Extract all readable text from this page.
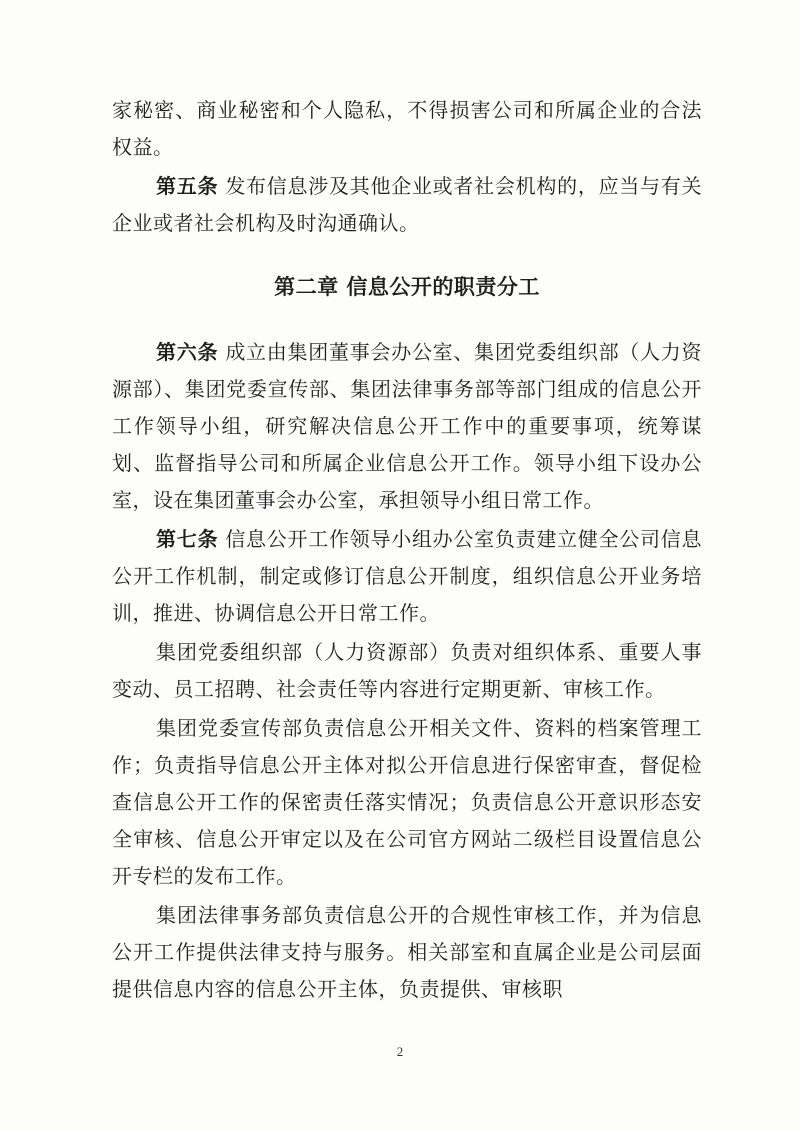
家秘密、商业秘密和个人隐私，不得损害公司和所属企业的合法权益。

第五条 发布信息涉及其他企业或者社会机构的，应当与有关企业或者社会机构及时沟通确认。

第二章 信息公开的职责分工

第六条 成立由集团董事会办公室、集团党委组织部（人力资源部）、集团党委宣传部、集团法律事务部等部门组成的信息公开工作领导小组，研究解决信息公开工作中的重要事项，统筹谋划、监督指导公司和所属企业信息公开工作。领导小组下设办公室，设在集团董事会办公室，承担领导小组日常工作。

第七条 信息公开工作领导小组办公室负责建立健全公司信息公开工作机制，制定或修订信息公开制度，组织信息公开业务培训，推进、协调信息公开日常工作。

集团党委组织部（人力资源部）负责对组织体系、重要人事变动、员工招聘、社会责任等内容进行定期更新、审核工作。

集团党委宣传部负责信息公开相关文件、资料的档案管理工作；负责指导信息公开主体对拟公开信息进行保密审查，督促检查信息公开工作的保密责任落实情况；负责信息公开意识形态安全审核、信息公开审定以及在公司官方网站二级栏目设置信息公开专栏的发布工作。

集团法律事务部负责信息公开的合规性审核工作，并为信息公开工作提供法律支持与服务。相关部室和直属企业是公司层面提供信息内容的信息公开主体，负责提供、审核职

2
